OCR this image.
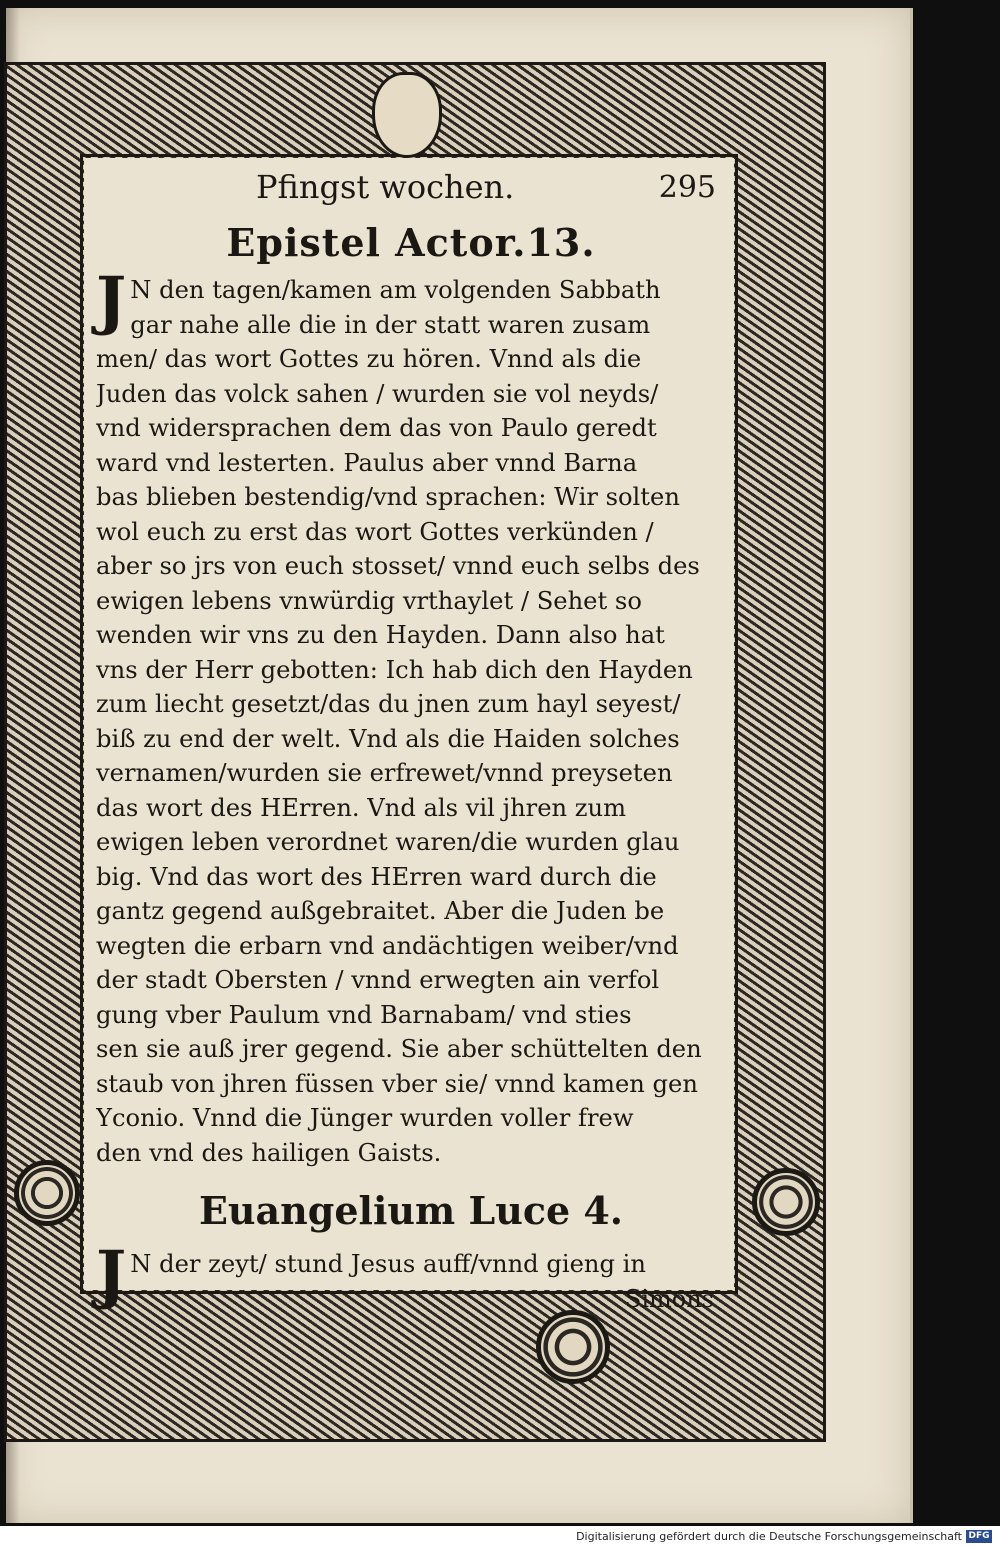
Pfingst wochen.	295
Epistel Actor.13.
J N den tagen/kamen am volgenden Sabbath
gar nahe alle die in der statt waren zusam
men/ das wort Gottes zu hören. Vnnd als die
Juden das volck sahen / wurden sie vol neyds/
vnd widersprachen dem das von Paulo geredt
ward vnd lesterten. Paulus aber vnnd Barna
bas blieben bestendig/vnd sprachen: Wir solten
wol euch zu erst das wort Gottes verkünden /
aber so jrs von euch stosset/ vnnd euch selbs des
ewigen lebens vnwürdig vrthaylet / Sehet so
wenden wir vns zu den Hayden. Dann also hat
vns der Herr gebotten: Ich hab dich den Hayden
zum liecht gesetzt/das du jnen zum hayl seyest/
biß zu end der welt. Vnd als die Haiden solches
vernamen/wurden sie erfrewet/vnnd preyseten
das wort des HErren. Vnd als vil jhren zum
ewigen leben verordnet waren/die wurden glau
big. Vnd das wort des HErren ward durch die
gantz gegend außgebraitet. Aber die Juden be
wegten die erbarn vnd andächtigen weiber/vnd
der stadt Obersten / vnnd erwegten ain verfol
gung vber Paulum vnd Barnabam/ vnd sties
sen sie auß jrer gegend. Sie aber schüttelten den
staub von jhren füssen vber sie/ vnnd kamen gen
Yconio. Vnnd die Jünger wurden voller frew
den vnd des hailigen Gaists.
Euangelium Luce 4.
J N der zeyt/ stund Jesus auff/vnnd gieng in
Simons
Digitalisierung gefördert durch die Deutsche Forschungsgemeinschaft DFG
